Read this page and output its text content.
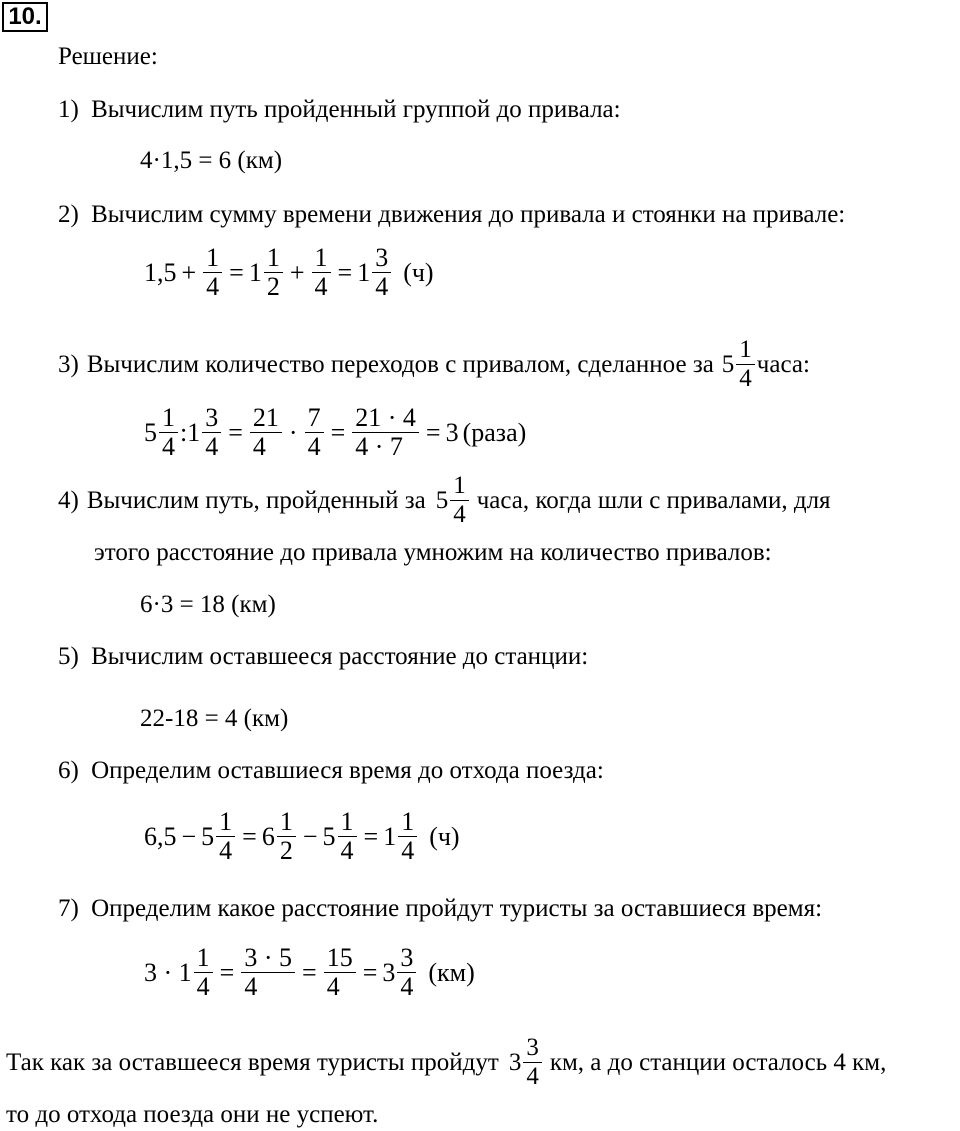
10.
Решение:
1) Вычислим путь пройденный группой до привала:
4·1,5 = 6 (км)
2) Вычислим сумму времени движения до привала и стоянки на привале:
$1,5 + \frac{1}{4} = 1 \frac{1}{2} + \frac{1}{4} = 1 \frac{3}{4} (ч)$
3) Вычислим количество переходов с привалом, сделанное за $5 \frac{1}{4}$ часа:
$5 \frac{1}{4}$ : $1 \frac{3}{4} = \frac{21}{4} \cdot \frac{7}{4} = \frac{21 \cdot 4}{4 \cdot 7} = 3$ (раза)
4) Вычислим путь, пройденный за $5 \frac{1}{4}$ часа, когда шли с привалами, для
этого расстояние до привала умножим на количество привалов:
6·3 = 18 (км)
5) Вычислим оставшееся расстояние до станции:
22-18 = 4 (км)
6) Определим оставшиеся время до отхода поезда:
$6,5 - 5 \frac{1}{4} = 6 \frac{1}{2} - 5 \frac{1}{4} = 1 \frac{1}{4} (ч)$
7) Определим какое расстояние пройдут туристы за оставшиеся время:
$3 \cdot 1 \frac{1}{4} = \frac{3 \cdot 5}{4} = \frac{15}{4} = 3 \frac{3}{4} (км)$
Так как за оставшееся время туристы пройдут $3 \frac{3}{4}$ км, а до станции осталось 4 км,
то до отхода поезда они не успеют.
